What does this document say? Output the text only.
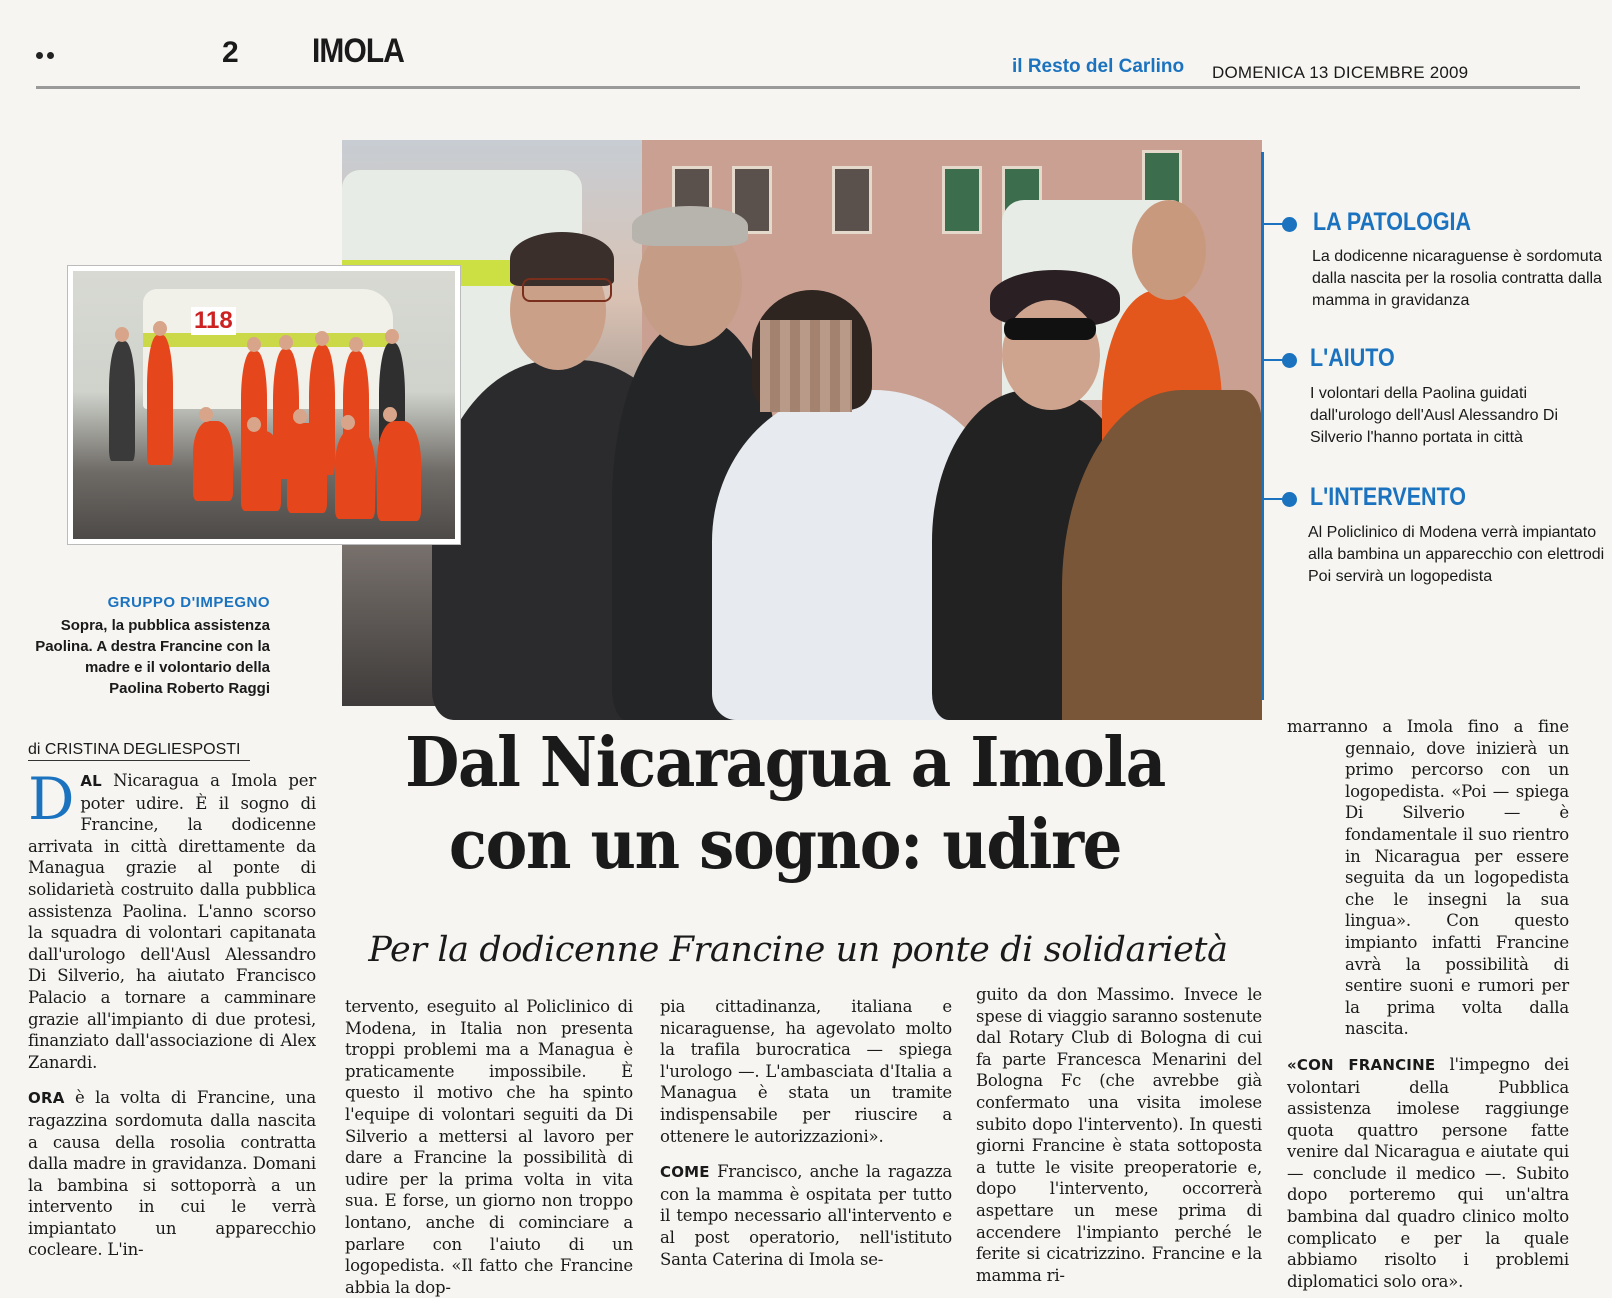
2 IMOLA	il Resto del Carlino DOMENICA 13 DICEMBRE 2009
118
GRUPPO D'IMPEGNO
Sopra, la pubblica assistenza Paolina. A destra Francine con la madre e il volontario della Paolina Roberto Raggi
LA PATOLOGIA
La dodicenne nicaraguense è sordomuta dalla nascita per la rosolia contratta dalla mamma in gravidanza
L'AIUTO
I volontari della Paolina guidati dall'urologo dell'Ausl Alessandro Di Silverio l'hanno portata in città
L'INTERVENTO
Al Policlinico di Modena verrà impiantato alla bambina un apparecchio con elettrodi Poi servirà un logopedista
di CRISTINA DEGLIESPOSTI	Dal Nicaragua a Imola
con un sogno: udire
Per la dodicenne Francine un ponte di solidarietà

DAL Nicaragua a Imola per poter udire. È il sogno di Francine, la dodicenne arrivata in città direttamente da Managua grazie al ponte di solidarietà costruito dalla pubblica assistenza Paolina. L'anno scorso la squadra di volontari capitanata dall'urologo dell'Ausl Alessandro Di Silverio, ha aiutato Francisco Palacio a tornare a camminare grazie all'impianto di due protesi, finanziato dall'associazione di Alex Zanardi.

ORA è la volta di Francine, una ragazzina sordomuta dalla nascita a causa della rosolia contratta dalla madre in gravidanza. Domani la bambina si sottoporrà a un intervento in cui le verrà impiantato un apparecchio cocleare. L'in-

tervento, eseguito al Policlinico di Modena, in Italia non presenta troppi problemi ma a Managua è praticamente impossibile. È questo il motivo che ha spinto l'equipe di volontari seguiti da Di Silverio a mettersi al lavoro per dare a Francine la possibilità di udire per la prima volta in vita sua. E forse, un giorno non troppo lontano, anche di cominciare a parlare con l'aiuto di un logopedista. «Il fatto che Francine abbia la dop-

pia cittadinanza, italiana e nicaraguense, ha agevolato molto la trafila burocratica — spiega l'urologo —. L'ambasciata d'Italia a Managua è stata un tramite indispensabile per riuscire a ottenere le autorizzazioni».

COME Francisco, anche la ragazza con la mamma è ospitata per tutto il tempo necessario all'intervento e al post operatorio, nell'istituto Santa Caterina di Imola se-

guito da don Massimo. Invece le spese di viaggio saranno sostenute dal Rotary Club di Bologna di cui fa parte Francesca Menarini del Bologna Fc (che avrebbe già confermato una visita imolese subito dopo l'intervento). In questi giorni Francine è stata sottoposta a tutte le visite preoperatorie e, dopo l'intervento, occorrerà aspettare un mese prima di accendere l'impianto perché le ferite si cicatrizzino. Francine e la mamma ri-

marranno a Imola fino a fine gennaio, dove inizierà un primo percorso con un logopedista. «Poi — spiega Di Silverio — è fondamentale il suo rientro in Nicaragua per essere seguita da un logopedista che le insegni la sua lingua». Con questo impianto infatti Francine avrà la possibilità di sentire suoni e rumori per la prima volta dalla nascita.

«CON FRANCINE l'impegno dei volontari della Pubblica assistenza imolese raggiunge quota quattro persone fatte venire dal Nicaragua e aiutate qui — conclude il medico —. Subito dopo porteremo qui un'altra bambina dal quadro clinico molto complicato e per la quale abbiamo risolto i problemi diplomatici solo ora».
